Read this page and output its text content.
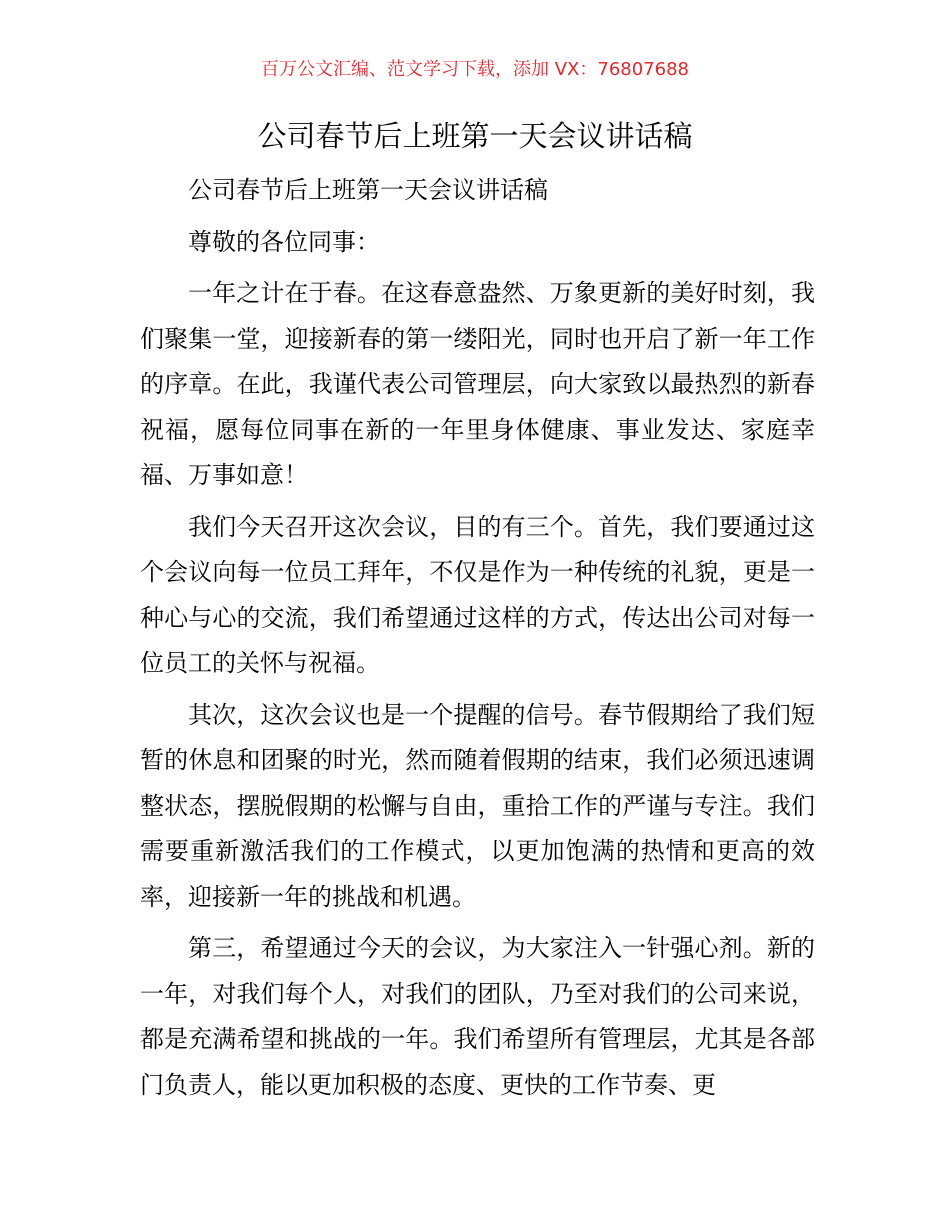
百万公文汇编、范文学习下载，添加 VX：76807688
公司春节后上班第一天会议讲话稿

公司春节后上班第一天会议讲话稿

尊敬的各位同事：

一年之计在于春。在这春意盎然、万象更新的美好时刻，我们聚集一堂，迎接新春的第一缕阳光，同时也开启了新一年工作的序章。在此，我谨代表公司管理层，向大家致以最热烈的新春祝福，愿每位同事在新的一年里身体健康、事业发达、家庭幸福、万事如意！

我们今天召开这次会议，目的有三个。首先，我们要通过这个会议向每一位员工拜年，不仅是作为一种传统的礼貌，更是一种心与心的交流，我们希望通过这样的方式，传达出公司对每一位员工的关怀与祝福。

其次，这次会议也是一个提醒的信号。春节假期给了我们短暂的休息和团聚的时光，然而随着假期的结束，我们必须迅速调整状态，摆脱假期的松懈与自由，重拾工作的严谨与专注。我们需要重新激活我们的工作模式，以更加饱满的热情和更高的效率，迎接新一年的挑战和机遇。

第三，希望通过今天的会议，为大家注入一针强心剂。新的一年，对我们每个人，对我们的团队，乃至对我们的公司来说，都是充满希望和挑战的一年。我们希望所有管理层，尤其是各部门负责人，能以更加积极的态度、更快的工作节奏、更
